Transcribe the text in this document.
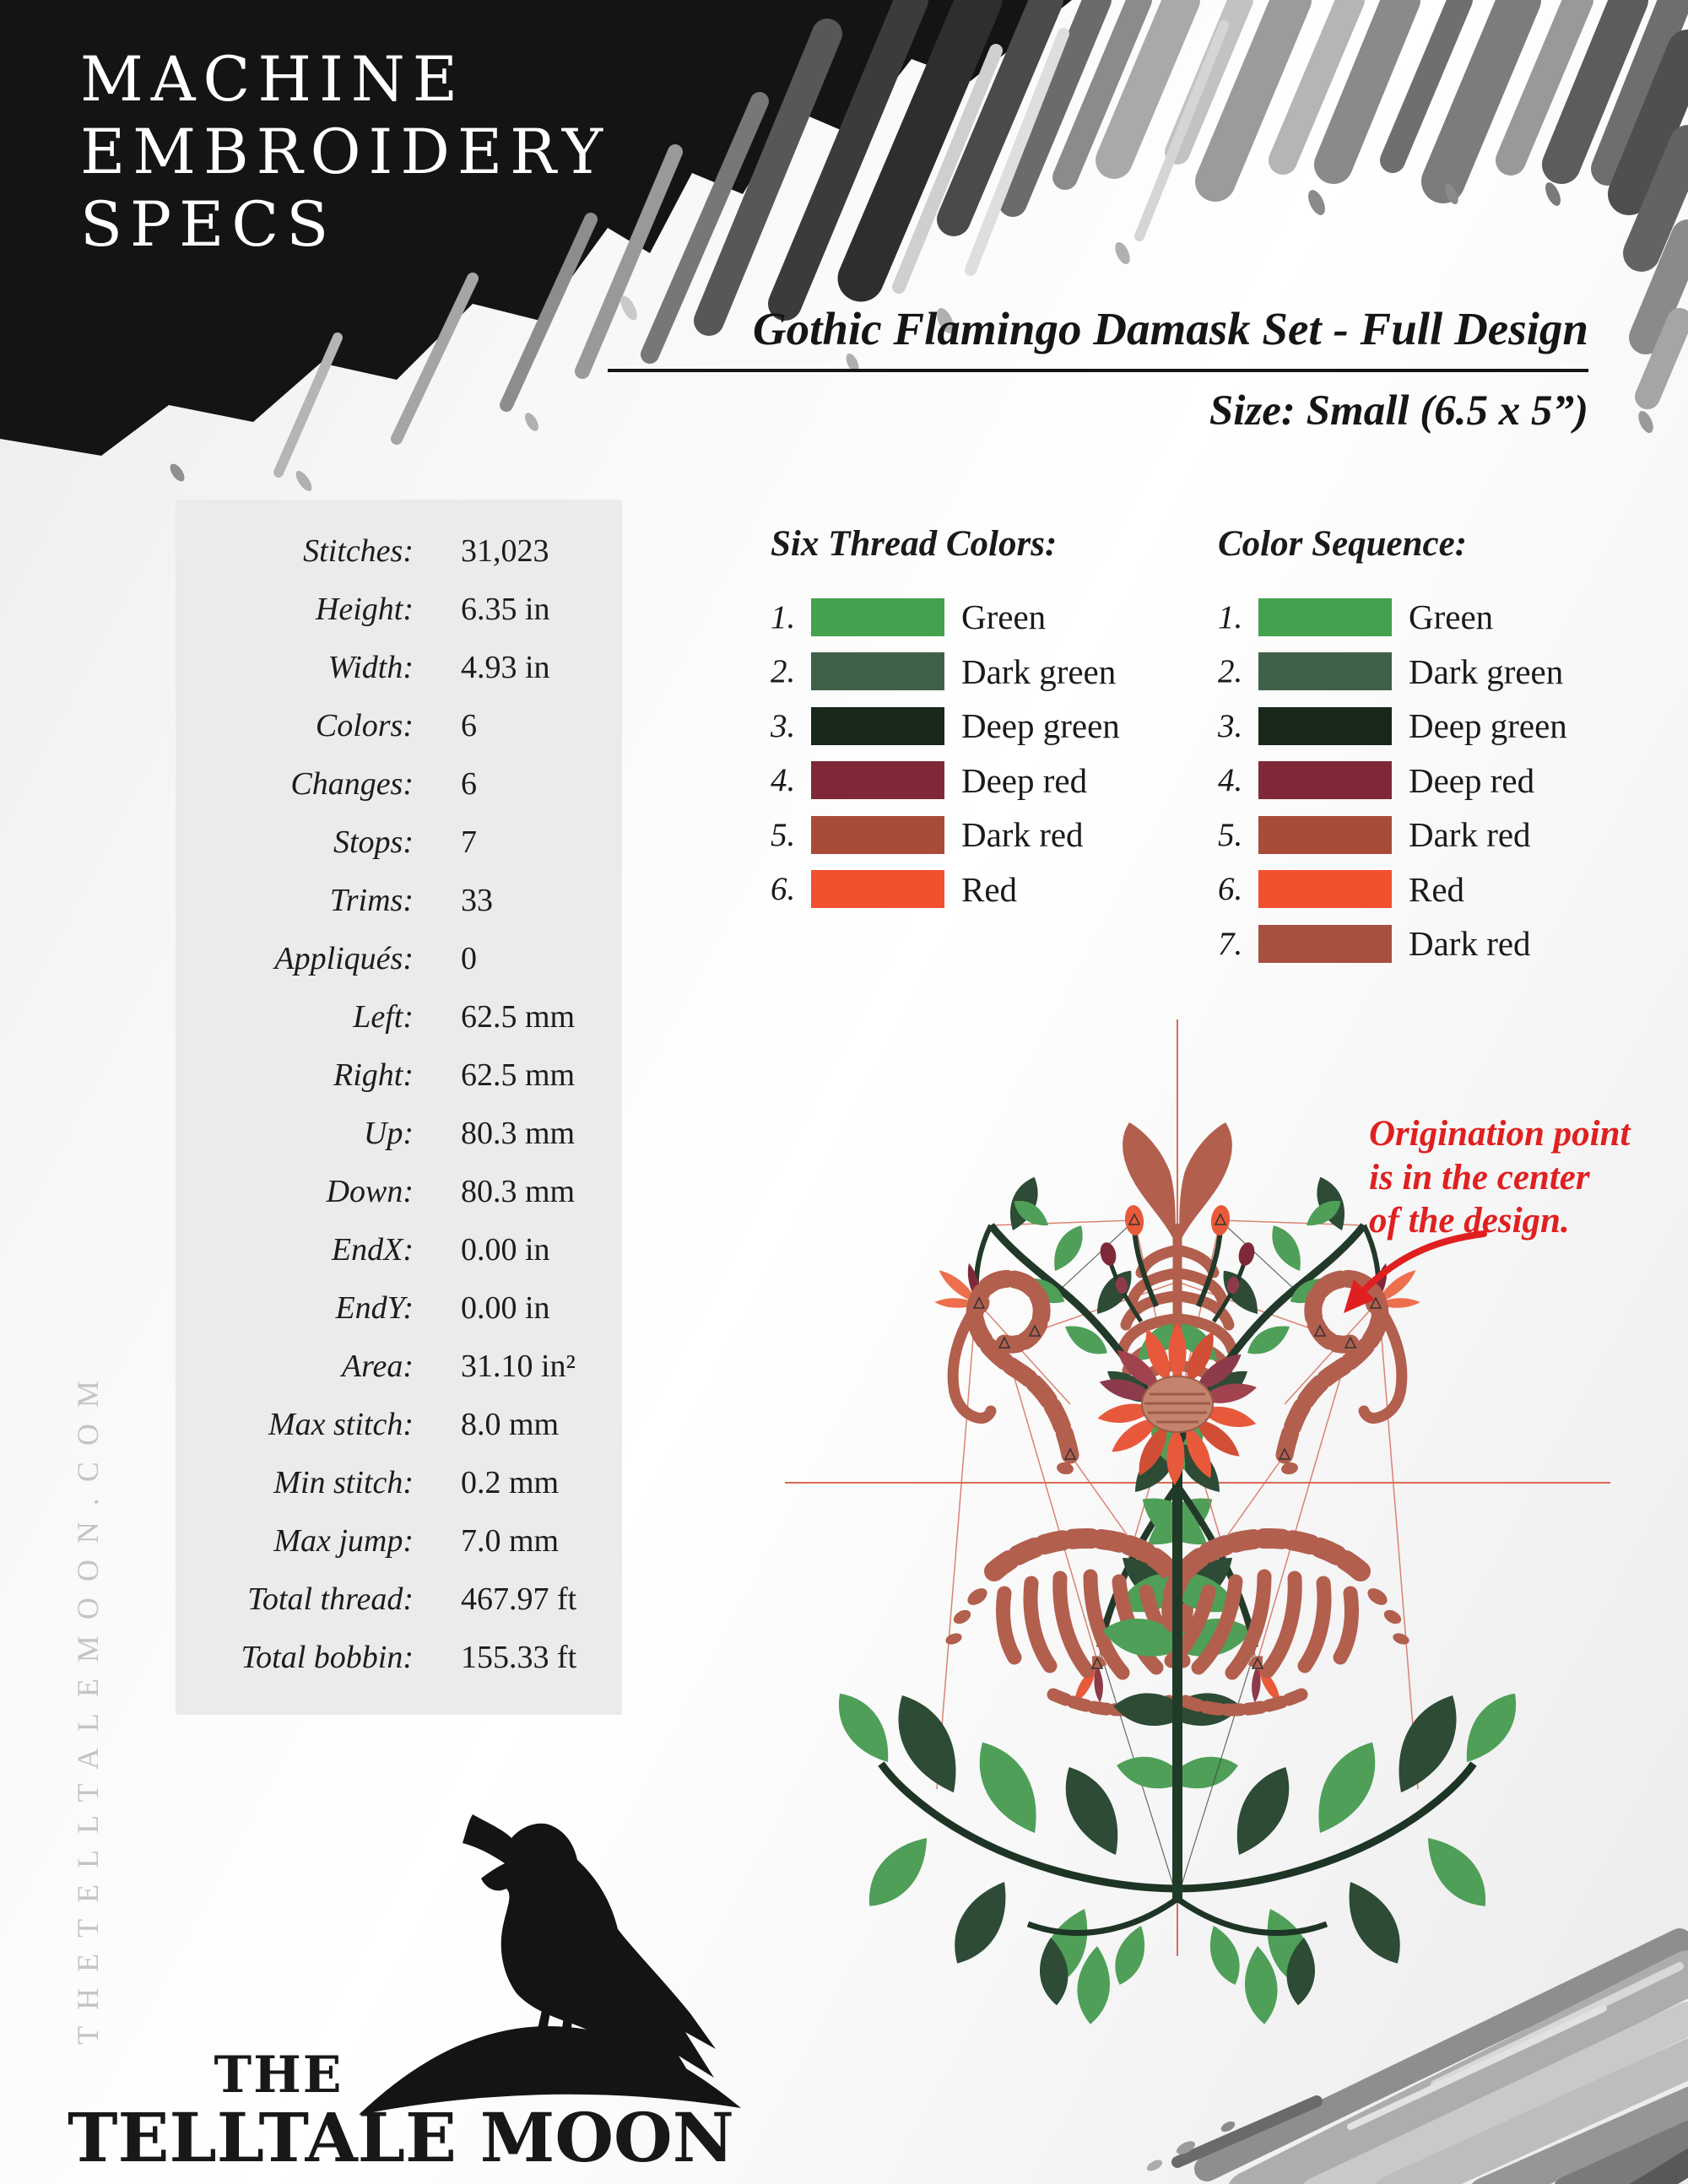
MACHINE
EMBROIDERY
SPECS
Gothic Flamingo Damask Set - Full Design
Size: Small (6.5 x 5”)
Stitches: 31,023
Height: 6.35 in
Width: 4.93 in
Colors: 6
Changes: 6
Stops: 7
Trims: 33
Appliqués: 0
Left: 62.5 mm
Right: 62.5 mm
Up: 80.3 mm
Down: 80.3 mm
EndX: 0.00 in
EndY: 0.00 in
Area: 31.10 in²
Max stitch: 8.0 mm
Min stitch: 0.2 mm
Max jump: 7.0 mm
Total thread: 467.97 ft
Total bobbin: 155.33 ft
Six Thread Colors:
1.	Green
2.	Dark green
3.	Deep green
4.	Deep red
5.	Dark red
6.	Red
Color Sequence:
1.	Green
2.	Dark green
3.	Deep green
4.	Deep red
5.	Dark red
6.	Red
7.	Dark red
Origination point
is in the center
of the design.
THETELLTALEMOON.COM
THE
TELLTALE MOON
